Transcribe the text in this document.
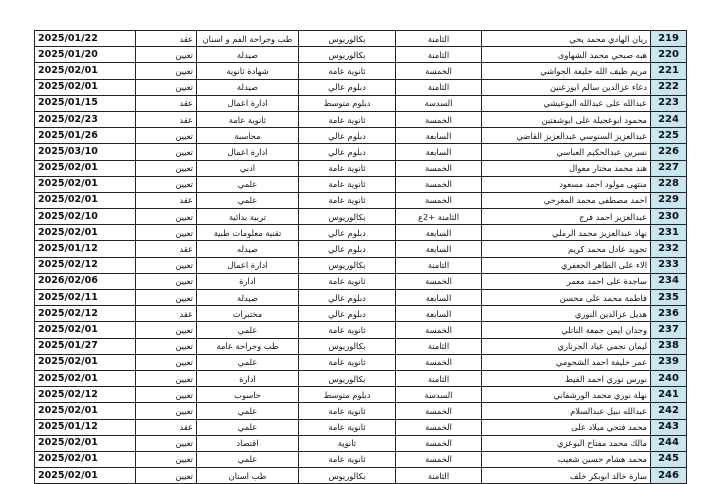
219	ريان الهادي محمد يحي	الثامنة	بكالوريوس	طب وجراحة الفم و اسنان	عقد	2025/01/22
220	هبه صبحي محمد الشهاوى	الثامنة	بكالوريوس	صيدلة	تعيين	2025/01/20
221	مريم ظيف الله خليفة الجواشي	الخمسة	ثانوية عامة	شهادة ثانوية	تعيين	2025/02/01
222	دعاء عزالدين سالم ابوزعنين	الثامنة	دبلوم عالي	صيدلة	تعيين	2025/02/01
223	عبدالله على عبدالله البوعيشي	السدسة	دبلوم متوسط	ادارة اعمال	عقد	2025/01/15
224	محمود ابوعجيلة على ابوشفتين	الخمسة	ثانوية عامة	ثانوية عامة	عقد	2025/02/23
225	عبدالعزيز السنوسي عبدالعزيز القاضي	السابعة	دبلوم عالي	محاسبة	تعيين	2025/01/26
226	نسرين عبدالحكيم العباسي	السابعة	دبلوم عالي	ادارة اعمال	تعيين	2025/03/10
227	هند محمد مختار معوال	الخمسة	ثانوية عامة	ادبي	تعيين	2025/02/01
228	منتهى مولود احمد مسعود	الخمسة	ثانوية عامة	علمي	تعيين	2025/02/01
229	احمد مصطفى محمد المغرحي	الخمسة	ثانوية عامة	علمي	عقد	2025/02/01
230	عبدالعزيز احمد فرج	الثامنة +2ع	بكالوريوس	تربية بدائية	تعيين	2025/02/10
231	نهاد عبدالعزيز محمد الرملي	السابعة	دبلوم عالي	تقنية معلومات طبية	تعيين	2025/02/01
232	تجويد عادل محمد كريم	السابعة	دبلوم عالي	صيدله	عقد	2025/01/12
233	الاء على الطاهر الجعفري	الثامنة	بكالوريوس	ادارة اعمال	تعيين	2025/02/12
234	ساجدة على احمد معمر	الخمسة	ثانوية عامة	ادارة	تعيين	2026/02/06
235	فاطمة محمد على محسن	السابعة	دبلوم عالي	صيدلة	تعيين	2025/02/11
236	هديل عزالدين النوري	السابعة	دبلوم عالي	مختبرات	عقد	2025/02/12
237	وجدان ايمن جمعة الناتلي	الخمسة	ثانوية عامة	علمي	تعيين	2025/02/01
238	ليمان نجمي عياد الجرناري	الثامنة	بكالوريوس	طب وجراحة عامة	تعيين	2025/01/27
239	عمر خليفة احمد الشحومي	الخمسة	ثانوية عامة	علمي	تعيين	2025/02/01
240	نورس نوري احمد القيط	الثامنة	بكالوريوس	ادارة	تعيين	2025/02/01
241	نهلة نوري محمد الورشفاني	السدسة	دبلوم متوسط	حاسوب	تعيين	2025/02/12
242	عبدالله نبيل عبدالسلام	الخمسة	ثانوية عامة	علمي	تعيين	2025/02/01
243	محمد فتحي ميلاد على	الخمسة	ثانوية عامة	علمي	عقد	2025/01/12
244	مالك محمد مفتاح البوعزي	الخمسة	ثانوية	اقتصاد	تعيين	2025/02/01
245	محمد هشام حسين شعيب	الخمسة	ثانوية عامة	علمي	تعيين	2025/02/01
246	سارة خالد ابوبكر خلف	الثامنة	بكالوريوس	طب اسنان	تعيين	2025/02/01
